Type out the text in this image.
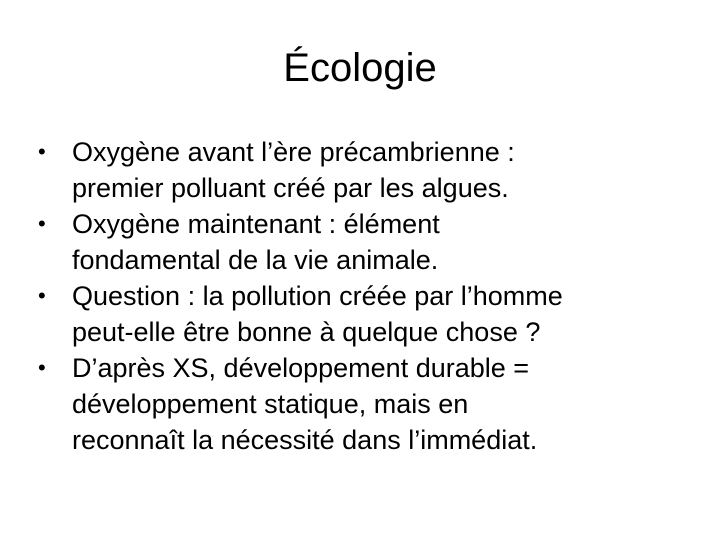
Écologie
• Oxygène avant l’ère précambrienne :
premier polluant créé par les algues.
• Oxygène maintenant : élément
fondamental de la vie animale.
• Question : la pollution créée par l’homme
peut-elle être bonne à quelque chose ?
• D’après XS, développement durable =
développement statique, mais en
reconnaît la nécessité dans l’immédiat.
